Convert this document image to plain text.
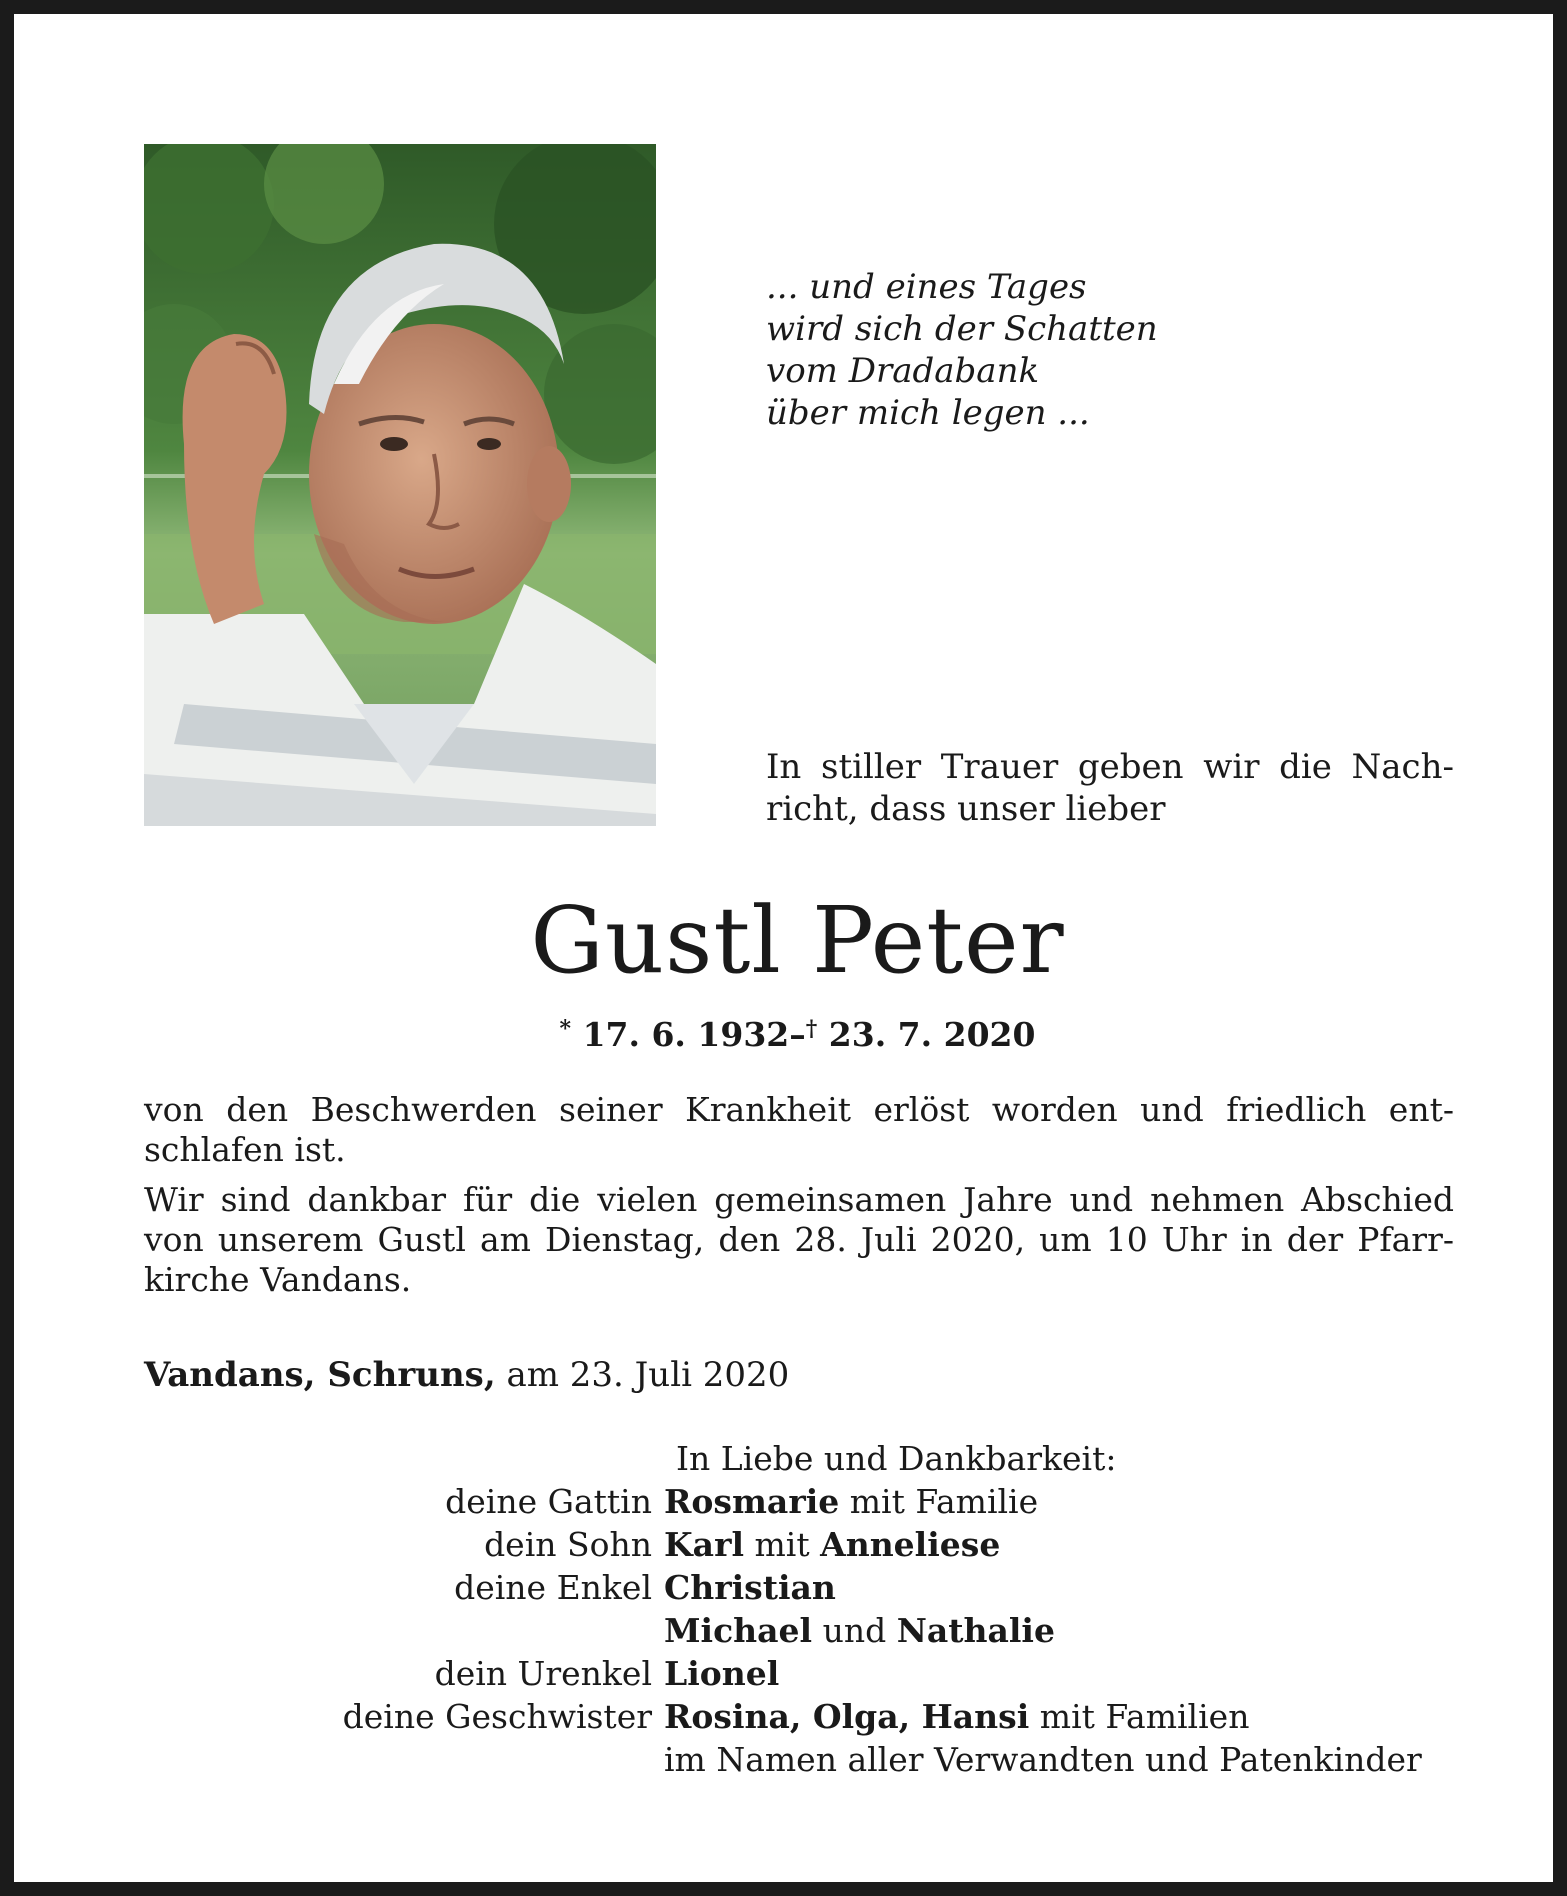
... und eines Tages
wird sich der Schatten
vom Dradabank
über mich legen ...
In stiller Trauer geben wir die Nach-
richt, dass unser lieber
Gustl Peter
* 17. 6. 1932–† 23. 7. 2020
von den Beschwerden seiner Krankheit erlöst worden und friedlich ent-
schlafen ist.
Wir sind dankbar für die vielen gemeinsamen Jahre und nehmen Abschied
von unserem Gustl am Dienstag, den 28. Juli 2020, um 10 Uhr in der Pfarr-
kirche Vandans.
Vandans, Schruns, am 23. Juli 2020
In Liebe und Dankbarkeit:
deine Gattin Rosmarie mit Familie
dein Sohn Karl mit Anneliese
deine Enkel Christian
Michael und Nathalie
dein Urenkel Lionel
deine Geschwister Rosina, Olga, Hansi mit Familien
im Namen aller Verwandten und Patenkinder
